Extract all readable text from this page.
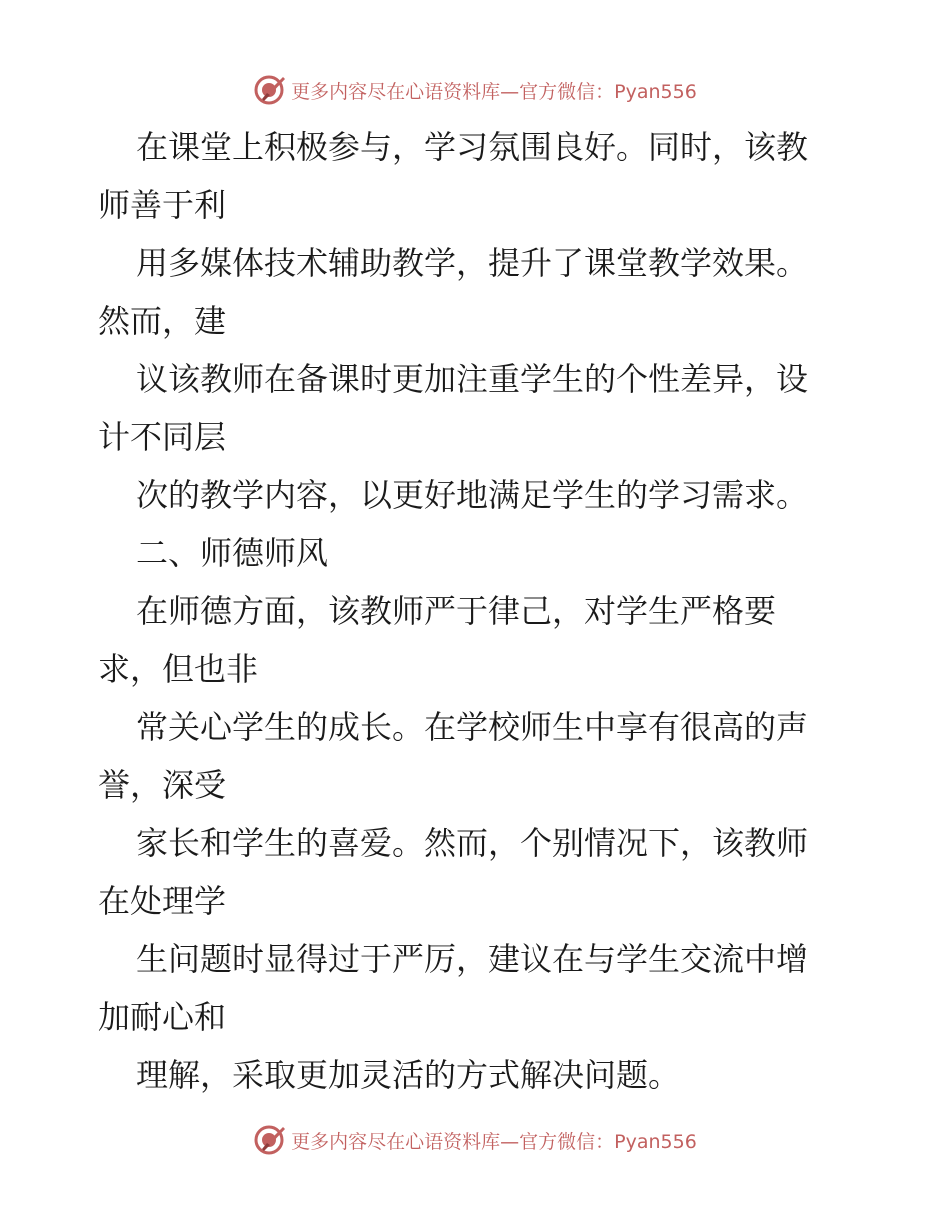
更多内容尽在心语资料库—官方微信：Pyan556
在课堂上积极参与，学习氛围良好。同时，该教
师善于利
用多媒体技术辅助教学，提升了课堂教学效果。
然而，建
议该教师在备课时更加注重学生的个性差异，设
计不同层
次的教学内容，以更好地满足学生的学习需求。
二、师德师风
在师德方面，该教师严于律己，对学生严格要
求，但也非
常关心学生的成长。在学校师生中享有很高的声
誉，深受
家长和学生的喜爱。然而，个别情况下，该教师
在处理学
生问题时显得过于严厉，建议在与学生交流中增
加耐心和
理解，采取更加灵活的方式解决问题。
更多内容尽在心语资料库—官方微信：Pyan556
